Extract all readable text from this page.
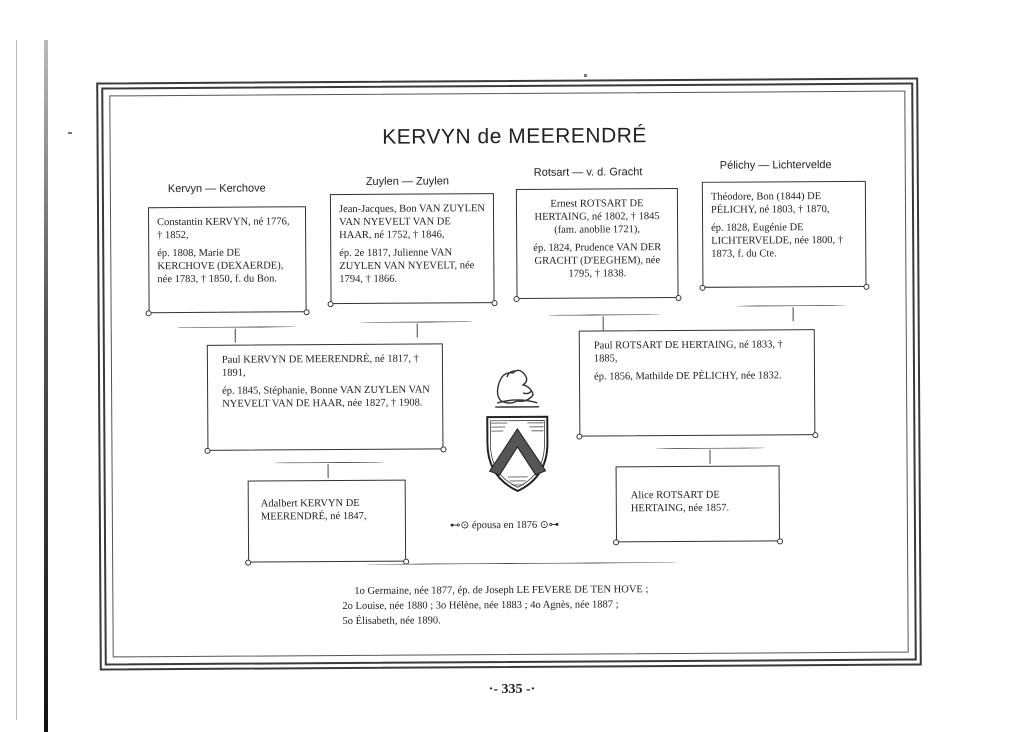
KERVYN de MEERENDRÉ
Kervyn — Kerchove
Zuylen — Zuylen
Rotsart — v. d. Gracht
Pélichy — Lichtervelde

Constantin KERVYN, né 1776, † 1852,

ép. 1808, Marie DE KERCHOVE (DEXAERDE), née 1783, † 1850, f. du Bon.

Jean-Jacques, Bon VAN ZUYLEN VAN NYEVELT VAN DE HAAR, né 1752, † 1846,

ép. 2e 1817, Julienne VAN ZUYLEN VAN NYEVELT, née 1794, † 1866.

Ernest ROTSART DE HERTAING, né 1802, † 1845 (fam. anoblie 1721),

ép. 1824, Prudence VAN DER GRACHT (D'EEGHEM), née 1795, † 1838.

Théodore, Bon (1844) DE PÉLICHY, né 1803, † 1870,

ép. 1828, Eugénie DE LICHTERVELDE, née 1800, † 1873, f. du Cte.

Paul KERVYN DE MEERENDRÉ, né 1817, † 1891,

ép. 1845, Stéphanie, Bonne VAN ZUYLEN VAN NYEVELT VAN DE HAAR, née 1827, † 1908.

Paul ROTSART DE HERTAING, né 1833, † 1885,

ép. 1856, Mathilde DE PÉLICHY, née 1832.

Adalbert KERVYN DE MEERENDRÉ, né 1847,

Alice ROTSART DE HERTAING, née 1857.

⊷⊙ épousa en 1876 ⊙⊶
1o Germaine, née 1877, ép. de Joseph LE FEVERE DE TEN HOVE ;
2o Louise, née 1880 ; 3o Hélène, née 1883 ; 4o Agnès, née 1887 ;
5o Élisabeth, née 1890.
·- 335 -·
